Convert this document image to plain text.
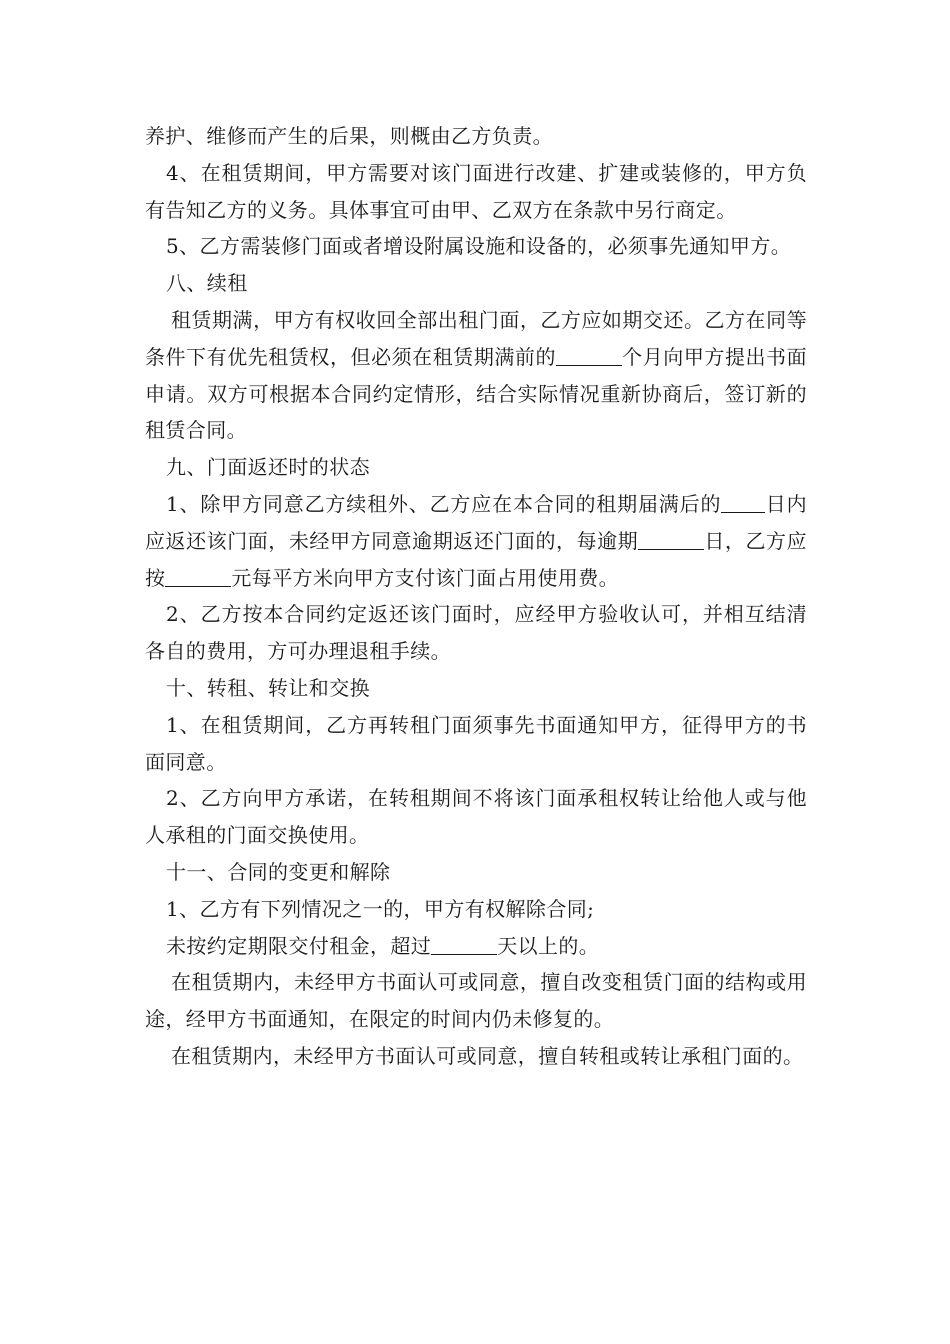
养护、维修而产生的后果，则概由乙方负责。

4、在租赁期间，甲方需要对该门面进行改建、扩建或装修的，甲方负有告知乙方的义务。具体事宜可由甲、乙双方在条款中另行商定。

5、乙方需装修门面或者增设附属设施和设备的，必须事先通知甲方。

八、续租

租赁期满，甲方有权收回全部出租门面，乙方应如期交还。乙方在同等条件下有优先租赁权，但必须在租赁期满前的	个月向甲方提出书面申请。双方可根据本合同约定情形，结合实际情况重新协商后，签订新的租赁合同。

九、门面返还时的状态

1、除甲方同意乙方续租外、乙方应在本合同的租期届满后的 日内应返还该门面，未经甲方同意逾期返还门面的，每逾期	日，乙方应按	元每平方米向甲方支付该门面占用使用费。

2、乙方按本合同约定返还该门面时，应经甲方验收认可，并相互结清各自的费用，方可办理退租手续。

十、转租、转让和交换

1、在租赁期间，乙方再转租门面须事先书面通知甲方，征得甲方的书面同意。

2、乙方向甲方承诺，在转租期间不将该门面承租权转让给他人或与他人承租的门面交换使用。

十一、合同的变更和解除

1、乙方有下列情况之一的，甲方有权解除合同;

未按约定期限交付租金，超过	天以上的。

在租赁期内，未经甲方书面认可或同意，擅自改变租赁门面的结构或用途，经甲方书面通知，在限定的时间内仍未修复的。

在租赁期内，未经甲方书面认可或同意，擅自转租或转让承租门面的。
